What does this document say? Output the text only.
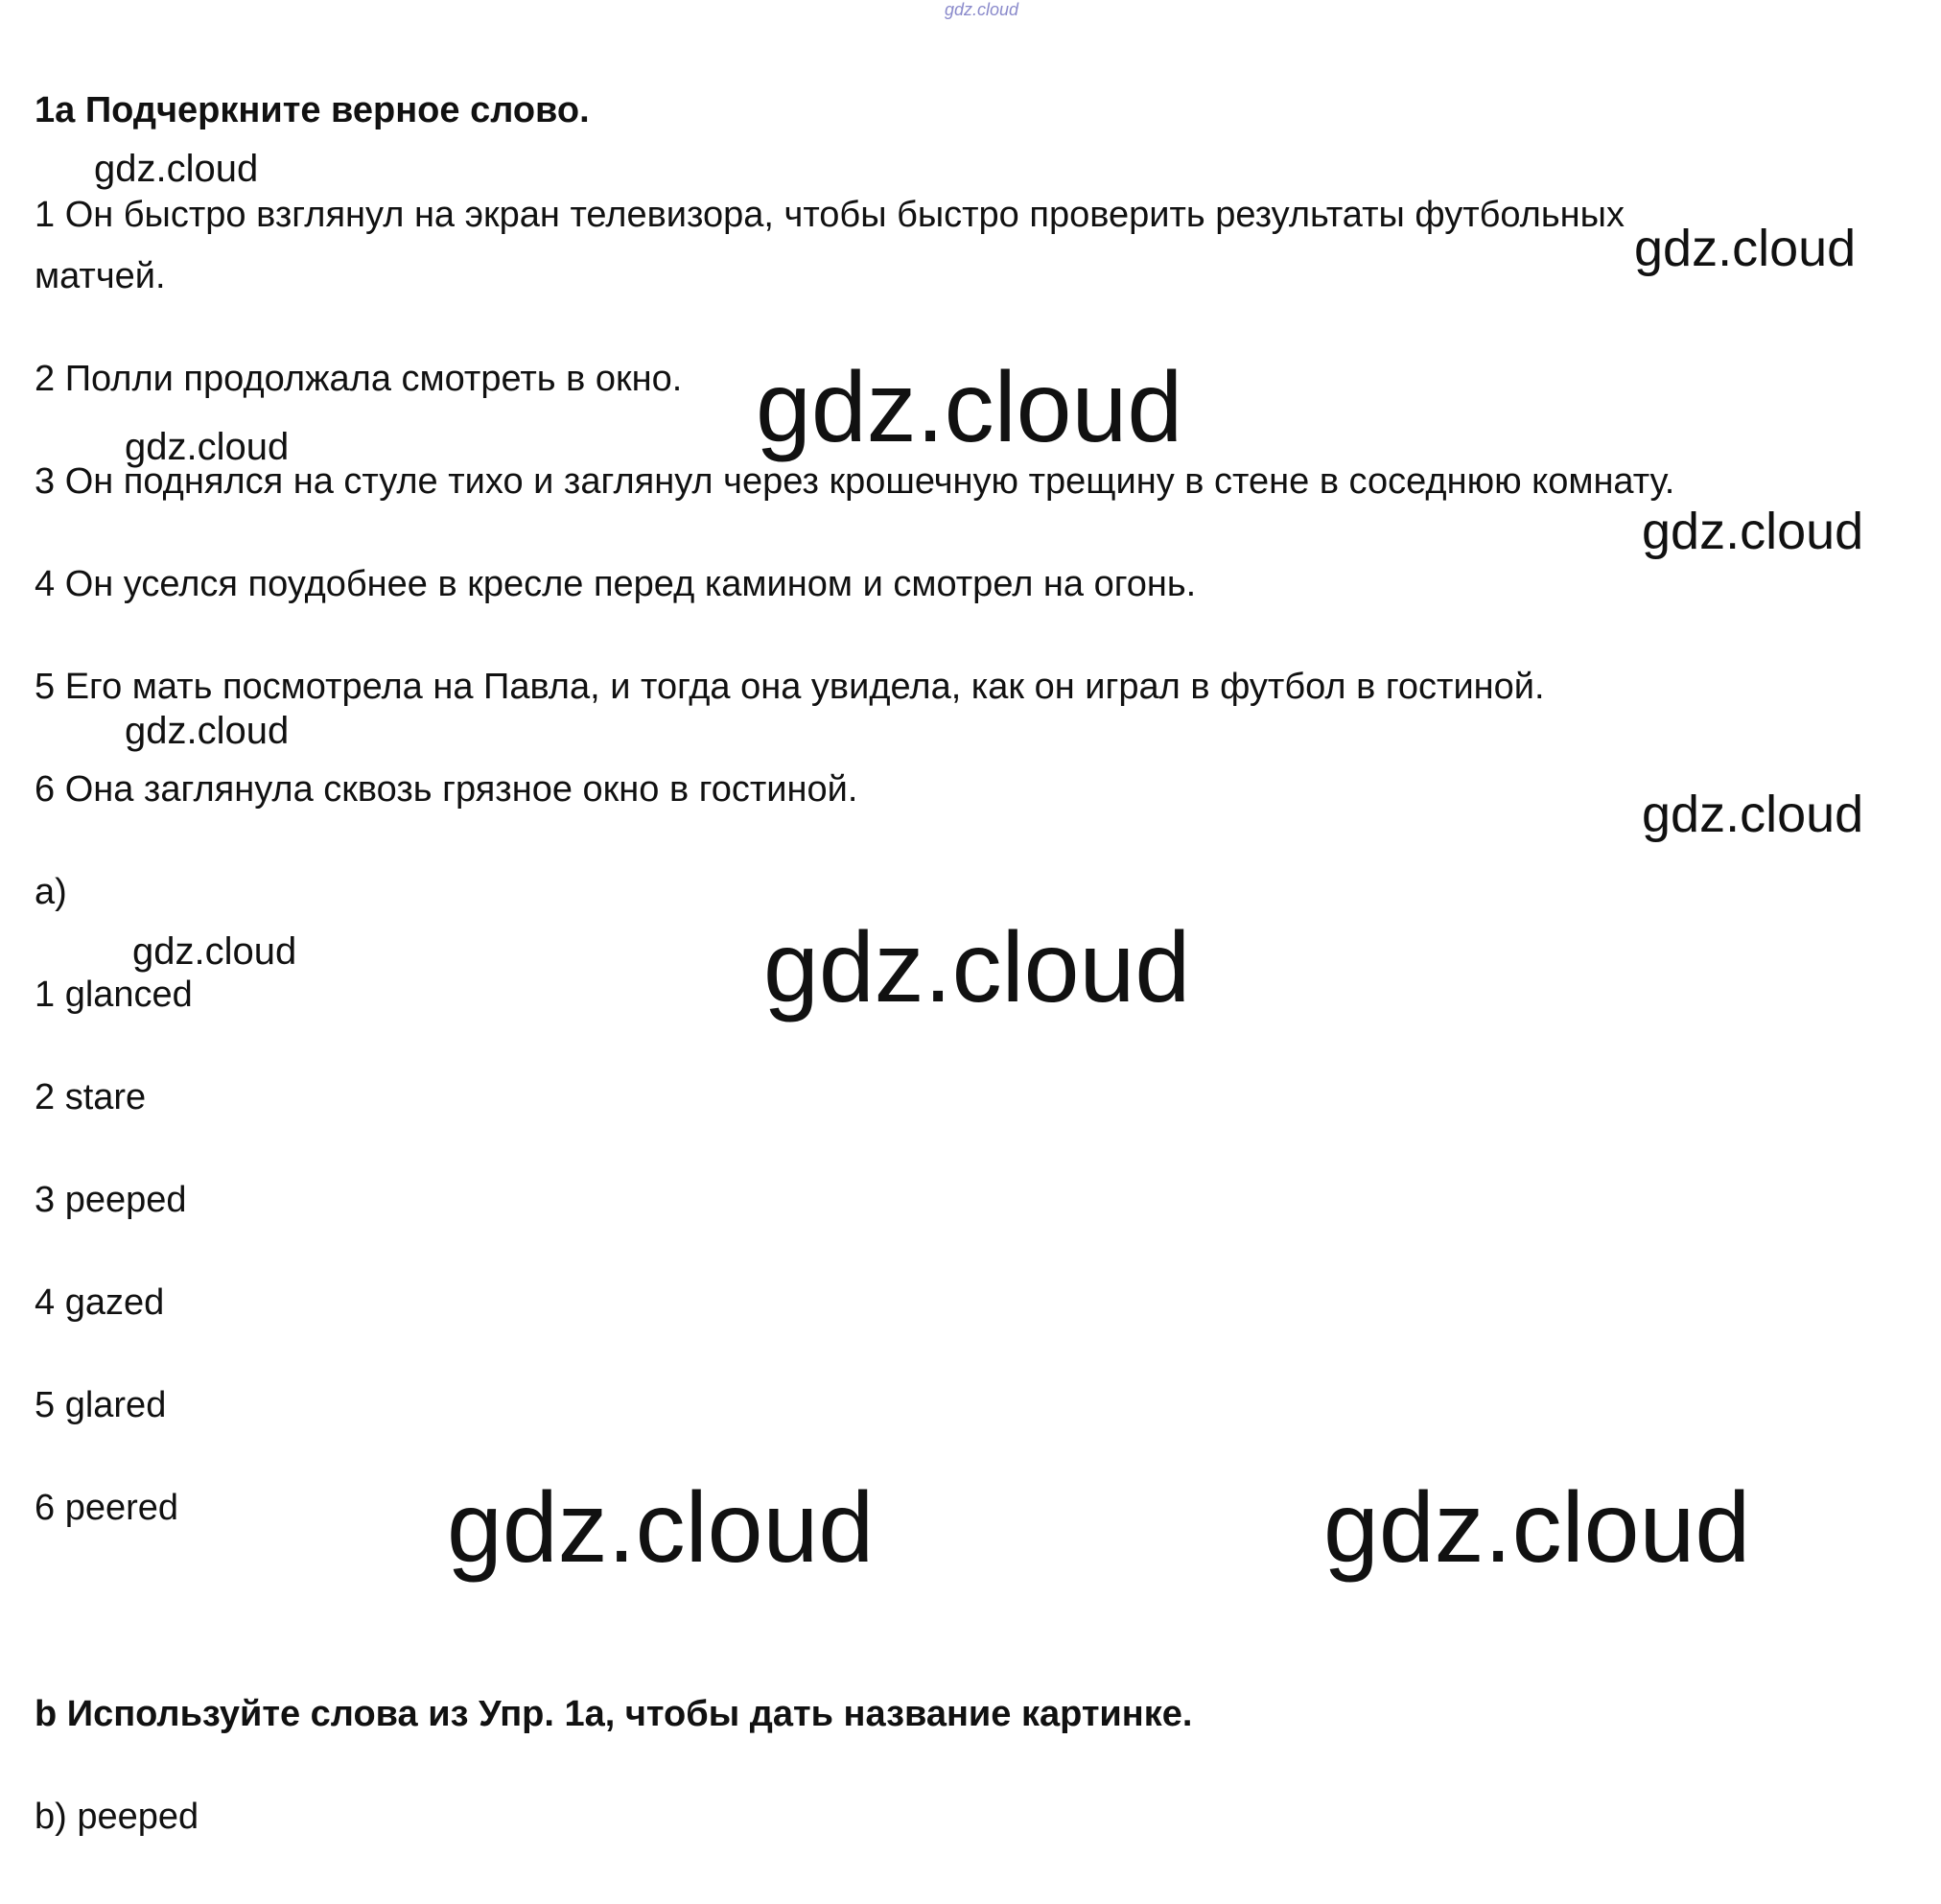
gdz.cloud
1a Подчеркните верное слово.
1 Он быстро взглянул на экран телевизора, чтобы быстро проверить результаты футбольных
матчей.
2 Полли продолжала смотреть в окно.
3 Он поднялся на стуле тихо и заглянул через крошечную трещину в стене в соседнюю комнату.
4 Он уселся поудобнее в кресле перед камином и смотрел на огонь.
5 Его мать посмотрела на Павла, и тогда она увидела, как он играл в футбол в гостиной.
6 Она заглянула сквозь грязное окно в гостиной.
a)
1 glanced
2 stare
3 peeped
4 gazed
5 glared
6 peered
b Используйте слова из Упр. 1a, чтобы дать название картинке.
b) peeped
gdz.cloud
gdz.cloud
gdz.cloud
gdz.cloud
gdz.cloud
gdz.cloud
gdz.cloud
gdz.cloud	gdz.cloud
gdz.cloud	gdz.cloud
